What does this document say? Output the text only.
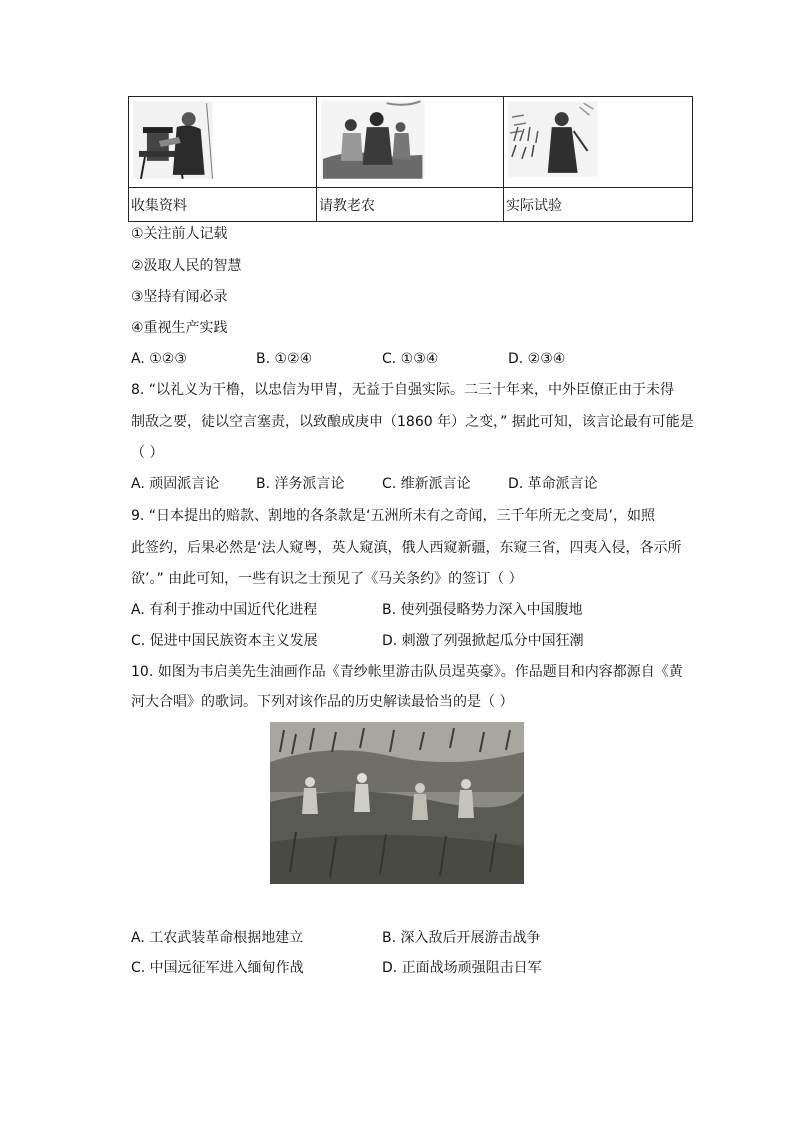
收集资料	请教老农	实际试验
①关注前人记载
②汲取人民的智慧
③坚持有闻必录
④重视生产实践
A. ①②③	B. ①②④	C. ①③④	D. ②③④
8. “以礼义为干橹，以忠信为甲胄，无益于自强实际。二三十年来，中外臣僚正由于未得
制敌之要，徒以空言塞责，以致酿成庚申（1860 年）之变，” 据此可知，该言论最有可能是
（ ）
A. 顽固派言论	B. 洋务派言论	C. 维新派言论	D. 革命派言论
9. “日本提出的赔款、割地的各条款是‘五洲所未有之奇闻，三千年所无之变局’，如照
此签约，后果必然是‘法人窥粤，英人窥滇，俄人西窥新疆，东窥三省，四夷入侵，各示所
欲’。” 由此可知，一些有识之士预见了《马关条约》的签订（ ）
A. 有利于推动中国近代化进程	B. 使列强侵略势力深入中国腹地
C. 促进中国民族资本主义发展	D. 刺激了列强掀起瓜分中国狂潮
10. 如图为韦启美先生油画作品《青纱帐里游击队员逞英豪》。作品题目和内容都源自《黄
河大合唱》的歌词。下列对该作品的历史解读最恰当的是（ ）
A. 工农武装革命根据地建立	B. 深入敌后开展游击战争
C. 中国远征军进入缅甸作战	D. 正面战场顽强阻击日军
